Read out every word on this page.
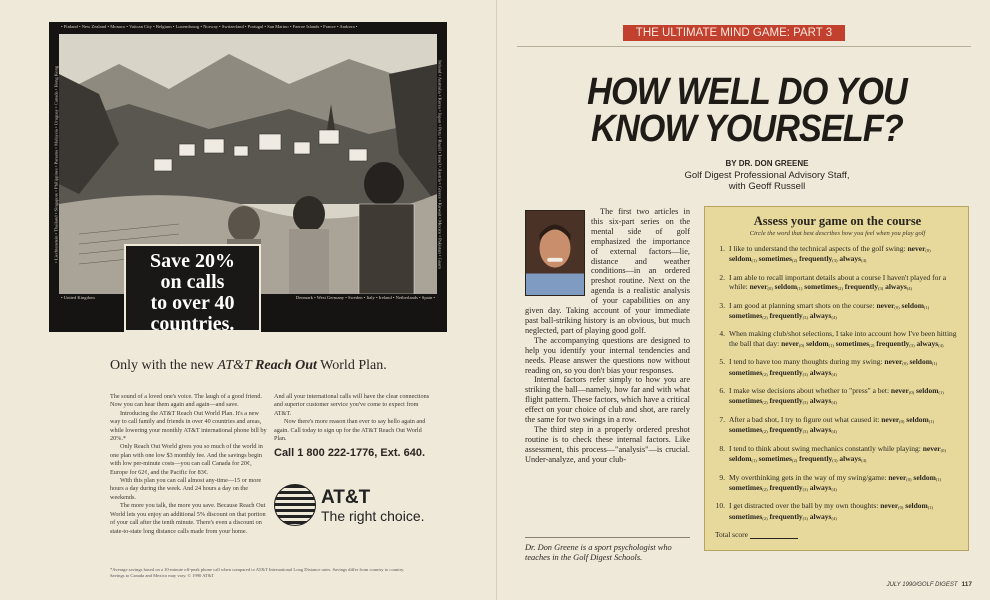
• Finland • New Zealand • Monaco • Vatican City • Belgium • Luxembourg • Norway • Switzerland • Portugal • San Marino • Faeroe Islands • France • Andorra •
• Liechtenstein • Thailand • Singapore • Philippines • Panama • Malaysia • Uruguay • Canada • Hong Kong	Ireland • Australia • Korea • Japan • Peru • Brazil • Israel • Austria • Greece • Kuwait • Mexico • Pakistan • Guam
• United Kingdom	Denmark • West Germany • Sweden • Italy • Ireland • Netherlands • Spain •
Save 20%
on calls
to over 40
countries.
Only with the new AT&T Reach Out World Plan.

The sound of a loved one's voice. The laugh of a good friend. Now you can hear them again and again—and save.

Introducing the AT&T Reach Out World Plan. It's a new way to call family and friends in over 40 countries and areas, while lowering your monthly AT&T international phone bill by 20%.*

Only Reach Out World gives you so much of the world in one plan with one low $3 monthly fee. And the savings begin with low per-minute costs—you can call Canada for 20¢, Europe for 62¢, and the Pacific for 83¢.

With this plan you can call almost any-time—15 or more hours a day during the week. And 24 hours a day on the weekends.

The more you talk, the more you save. Because Reach Out World lets you enjoy an additional 5% discount on that portion of your call after the tenth minute. There's even a discount on state-to-state long distance calls made from your home.

And all your international calls will have the clear connections and superior customer service you've come to expect from AT&T.

Now there's more reason than ever to say hello again and again. Call today to sign up for the AT&T Reach Out World Plan.

Call 1 800 222-1776, Ext. 640.
AT&T
The right choice.
*Average savings based on a 10-minute off-peak phone call when compared to AT&T International Long Distance rates. Savings differ from country to country. Savings to Canada and Mexico may vary. © 1990 AT&T
THE ULTIMATE MIND GAME: PART 3
HOW WELL DO YOU
KNOW YOURSELF?
BY DR. DON GREENE
Golf Digest Professional Advisory Staff,
with Geoff Russell

The first two articles in this six-part series on the mental side of golf emphasized the importance of external factors—lie, distance and weather conditions—in an ordered preshot routine. Next on the agenda is a realistic analysis of your capabilities on any given day. Taking account of your immediate past ball-striking history is an obvious, but much neglected, part of playing good golf.

The accompanying questions are designed to help you identify your internal tendencies and needs. Please answer the questions now without reading on, so you don't bias your responses.

Internal factors refer simply to how you are striking the ball—namely, how far and with what flight pattern. These factors, which have a critical effect on your choice of club and shot, are rarely the same for two swings in a row.

The third step in a properly ordered preshot routine is to check these internal factors. Like assessment, this process—"analysis"—is crucial. Under-analyze, and your club-

Dr. Don Greene is a sport psychologist who teaches in the Golf Digest Schools.
Assess your game on the course
Circle the word that best describes how you feel when you play golf
1. I like to understand the technical aspects of the golf swing: never$_{(0)}$ seldom$_{(1)}$ sometimes$_{(2)}$ frequently$_{(3)}$ always$_{(4)}$
2. I am able to recall important details about a course I haven't played for a while: never$_{(0)}$ seldom$_{(1)}$ sometimes$_{(2)}$ frequently$_{(3)}$ always$_{(4)}$
3. I am good at planning smart shots on the course: never$_{(0)}$ seldom$_{(1)}$ sometimes$_{(2)}$ frequently$_{(3)}$ always$_{(4)}$
4. When making club/shot selections, I take into account how I've been hitting the ball that day: never$_{(0)}$ seldom$_{(1)}$ sometimes$_{(2)}$ frequently$_{(3)}$ always$_{(4)}$
5. I tend to have too many thoughts during my swing: never$_{(0)}$ seldom$_{(1)}$ sometimes$_{(2)}$ frequently$_{(3)}$ always$_{(4)}$
6. I make wise decisions about whether to "press" a bet: never$_{(0)}$ seldom$_{(1)}$ sometimes$_{(2)}$ frequently$_{(3)}$ always$_{(4)}$
7. After a bad shot, I try to figure out what caused it: never$_{(0)}$ seldom$_{(1)}$ sometimes$_{(2)}$ frequently$_{(3)}$ always$_{(4)}$
8. I tend to think about swing mechanics constantly while playing: never$_{(0)}$ seldom$_{(1)}$ sometimes$_{(2)}$ frequently$_{(3)}$ always$_{(4)}$
9. My overthinking gets in the way of my swing/game: never$_{(0)}$ seldom$_{(1)}$ sometimes$_{(2)}$ frequently$_{(3)}$ always$_{(4)}$
10. I get distracted over the ball by my own thoughts: never$_{(0)}$ seldom$_{(1)}$ sometimes$_{(2)}$ frequently$_{(3)}$ always$_{(4)}$
Total score
JULY 1990/GOLF DIGEST 117
